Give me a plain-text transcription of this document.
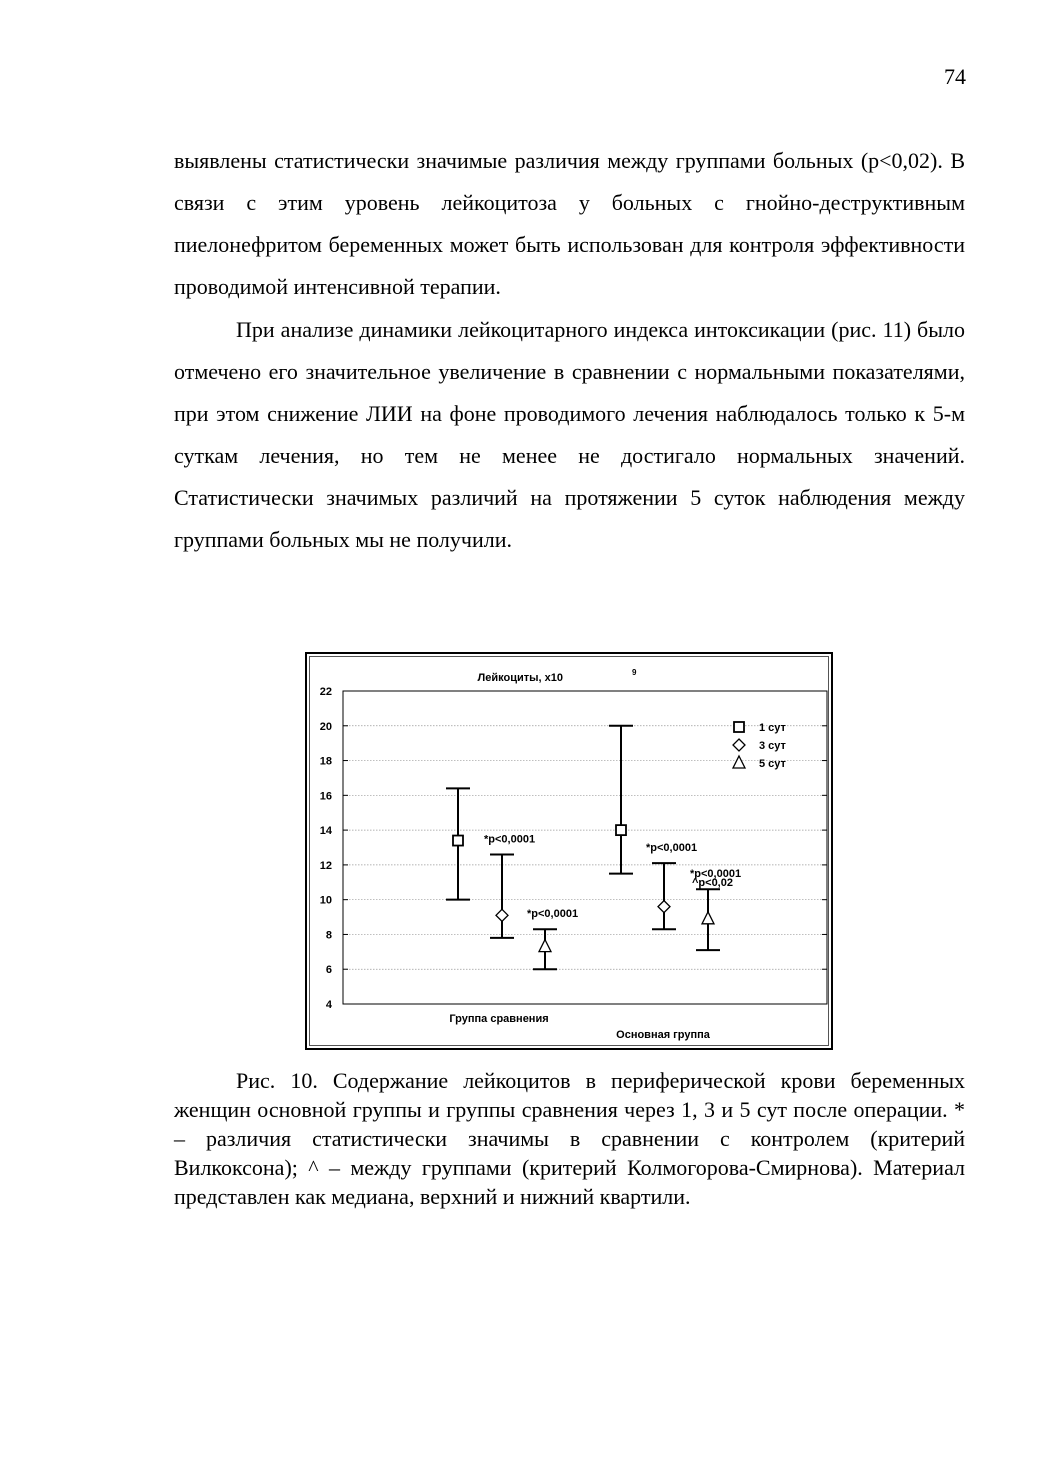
74

выявлены статистически значимые различия между группами больных (р<0,02). В связи с этим уровень лейкоцитоза у больных с гнойно-деструктивным пиелонефритом беременных может быть использован для контроля эффективности проводимой интенсивной терапии.

При анализе динамики лейкоцитарного индекса интоксикации (рис. 11) было отмечено его значительное увеличение в сравнении с нормальными показателями, при этом снижение ЛИИ на фоне проводимого лечения наблюдалось только к 5-м суткам лечения, но тем не менее не достигало нормальных значений. Статистически значимых различий на протяжении 5 суток наблюдения между группами больных мы не получили.

Лейкоциты, х10	9
4
6
8
10
12
14
16
18
20
22
Группа сравнения
Основная группа
*р<0,0001
*р<0,0001
*р<0,0001
*р<0,0001
^р<0,02
1 сут
3 сут
5 сут

Рис. 10. Содержание лейкоцитов в периферической крови беременных женщин основной группы и группы сравнения через 1, 3 и 5 сут после операции. * – различия статистически значимы в сравнении с контролем (критерий Вилкоксона); ^ – между группами (критерий Колмогорова-Смирнова). Материал представлен как медиана, верхний и нижний квартили.
